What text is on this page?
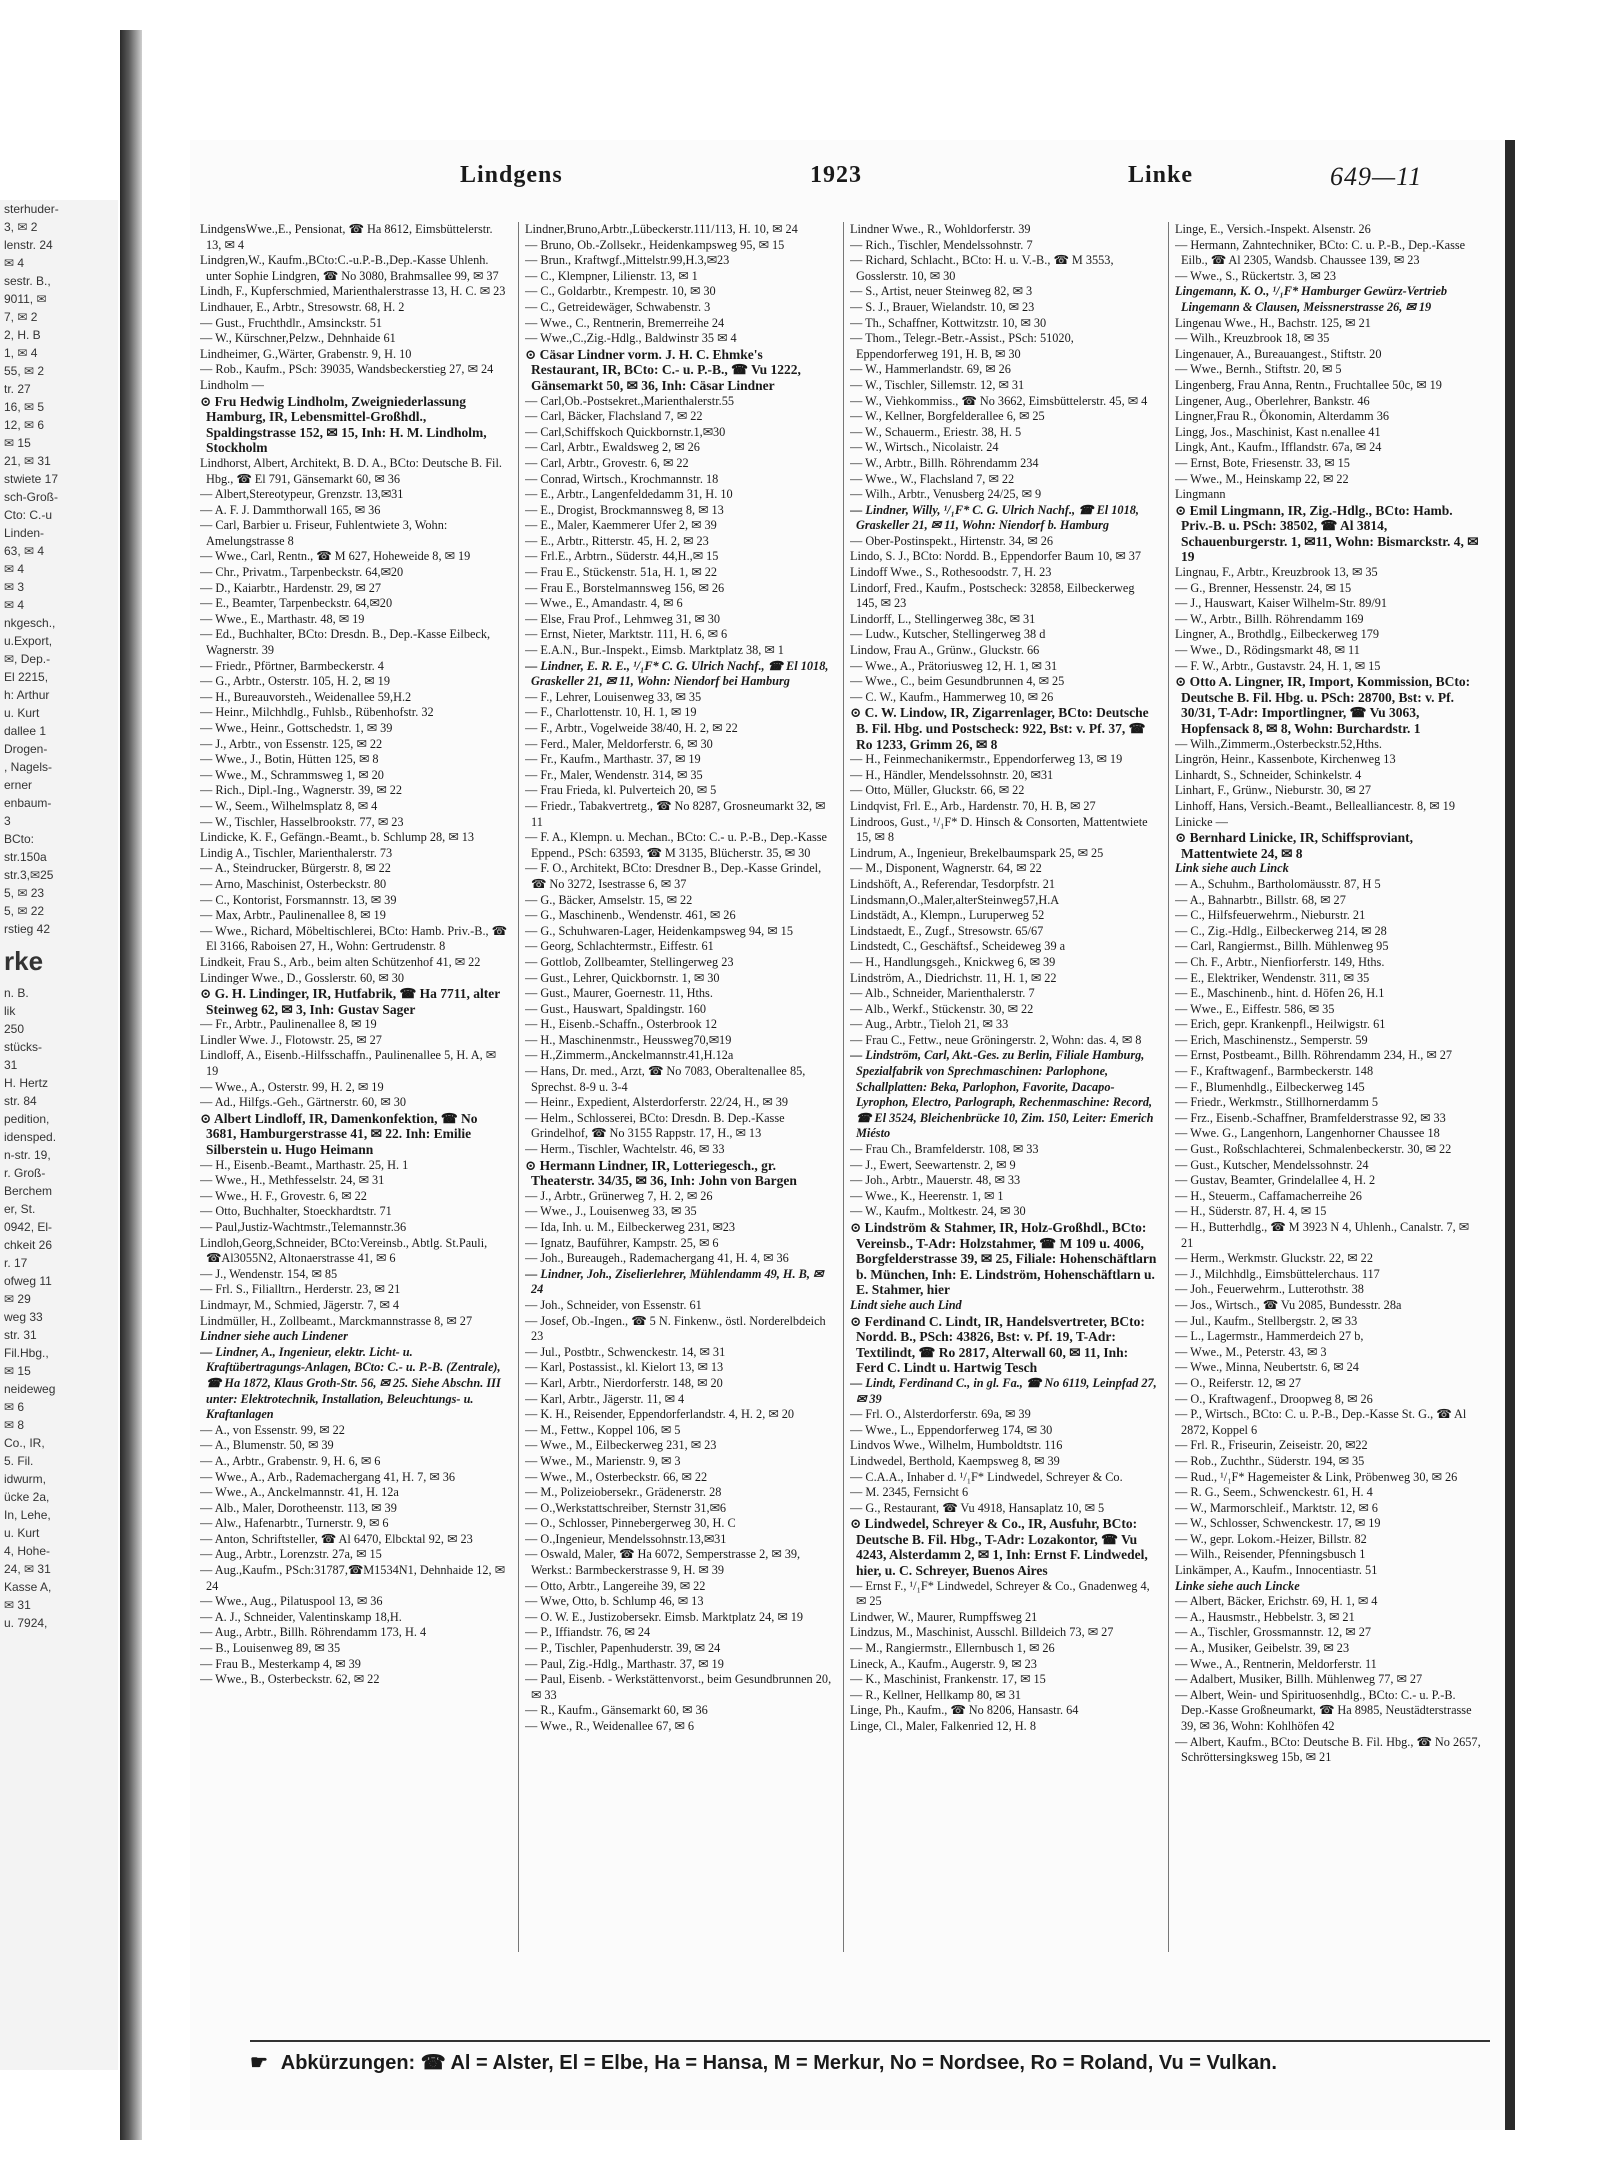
sterhuder-
3, ✉ 2
lenstr. 24
✉ 4
sestr. B.,
9011, ✉
7, ✉ 2
2, H. B
1, ✉ 4
55, ✉ 2
tr. 27
16, ✉ 5
12, ✉ 6
✉ 15
21, ✉ 31
stwiete 17
sch-Groß-
Cto: C.-u
Linden-
63, ✉ 4
✉ 4
✉ 3
✉ 4
nkgesch.,
u.Export,
✉, Dep.-
El 2215,
h: Arthur
u. Kurt
dallee 1
Drogen-
, Nagels-
erner
enbaum-
3
BCto:
str.150a
str.3,✉25
5, ✉ 23
5, ✉ 22
rstieg 42
rke
n. B.
lik
250
stücks-
31
H. Hertz
str. 84
pedition,
idensped.
n-str. 19,
r. Groß-
Berchem
er, St.
0942, El-
chkeit 26
r. 17
ofweg 11
✉ 29
weg 33
str. 31
Fil.Hbg.,
✉ 15
neideweg
✉ 6
✉ 8
Co., IR,
5. Fil.
idwurm,
ücke 2a,
In, Lehe,
u. Kurt
4, Hohe-
24, ✉ 31
Kasse A,
✉ 31
u. 7924,
Lindgens	1923	Linke	649—11

LindgensWwe.,E., Pensionat, ☎ Ha 8612, Eimsbüttelerstr. 13, ✉ 4

Lindgren,W., Kaufm.,BCto:C.-u.P.-B.,Dep.-Kasse Uhlenh. unter Sophie Lindgren, ☎ No 3080, Brahmsallee 99, ✉ 37

Lindh, F., Kupferschmied, Marienthalerstrasse 13, H. C. ✉ 23

Lindhauer, E., Arbtr., Stresowstr. 68, H. 2

— Gust., Fruchthdlr., Amsinckstr. 51

— W., Kürschner,Pelzw., Dehnhaide 61

Lindheimer, G.,Wärter, Grabenstr. 9, H. 10

— Rob., Kaufm., PSch: 39035, Wandsbeckerstieg 27, ✉ 24

Lindholm —

⊙ Fru Hedwig Lindholm, Zweigniederlassung Hamburg, IR, Lebensmittel-Großhdl., Spaldingstrasse 152, ✉ 15, Inh: H. M. Lindholm, Stockholm

Lindhorst, Albert, Architekt, B. D. A., BCto: Deutsche B. Fil. Hbg., ☎ El 791, Gänsemarkt 60, ✉ 36

— Albert,Stereotypeur, Grenzstr. 13,✉31

— A. F. J. Dammthorwall 165, ✉ 36

— Carl, Barbier u. Friseur, Fuhlentwiete 3, Wohn: Amelungstrasse 8

— Wwe., Carl, Rentn., ☎ M 627, Hoheweide 8, ✉ 19

— Chr., Privatm., Tarpenbeckstr. 64,✉20

— D., Kaiarbtr., Hardenstr. 29, ✉ 27

— E., Beamter, Tarpenbeckstr. 64,✉20

— Wwe., E., Marthastr. 48, ✉ 19

— Ed., Buchhalter, BCto: Dresdn. B., Dep.-Kasse Eilbeck, Wagnerstr. 39

— Friedr., Pförtner, Barmbeckerstr. 4

— G., Arbtr., Osterstr. 105, H. 2, ✉ 19

— H., Bureauvorsteh., Weidenallee 59,H.2

— Heinr., Milchhdlg., Fuhlsb., Rübenhofstr. 32

— Wwe., Heinr., Gottschedstr. 1, ✉ 39

— J., Arbtr., von Essenstr. 125, ✉ 22

— Wwe., J., Botin, Hütten 125, ✉ 8

— Wwe., M., Schrammsweg 1, ✉ 20

— Rich., Dipl.-Ing., Wagnerstr. 39, ✉ 22

— W., Seem., Wilhelmsplatz 8, ✉ 4

— W., Tischler, Hasselbrookstr. 77, ✉ 23

Lindicke, K. F., Gefängn.-Beamt., b. Schlump 28, ✉ 13

Lindig A., Tischler, Marienthalerstr. 73

— A., Steindrucker, Bürgerstr. 8, ✉ 22

— Arno, Maschinist, Osterbeckstr. 80

— C., Kontorist, Forsmannstr. 13, ✉ 39

— Max, Arbtr., Paulinenallee 8, ✉ 19

— Wwe., Richard, Möbeltischlerei, BCto: Hamb. Priv.-B., ☎ El 3166, Raboisen 27, H., Wohn: Gertrudenstr. 8

Lindkeit, Frau S., Arb., beim alten Schützenhof 41, ✉ 22

Lindinger Wwe., D., Gosslerstr. 60, ✉ 30

⊙ G. H. Lindinger, IR, Hutfabrik, ☎ Ha 7711, alter Steinweg 62, ✉ 3, Inh: Gustav Sager

— Fr., Arbtr., Paulinenallee 8, ✉ 19

Lindler Wwe. J., Flotowstr. 25, ✉ 27

Lindloff, A., Eisenb.-Hilfsschaffn., Paulinenallee 5, H. A, ✉ 19

— Wwe., A., Osterstr. 99, H. 2, ✉ 19

— Ad., Hilfgs.-Geh., Gärtnerstr. 60, ✉ 30

⊙ Albert Lindloff, IR, Damenkonfektion, ☎ No 3681, Hamburgerstrasse 41, ✉ 22. Inh: Emilie Silberstein u. Hugo Heimann

— H., Eisenb.-Beamt., Marthastr. 25, H. 1

— Wwe., H., Methfesselstr. 24, ✉ 31

— Wwe., H. F., Grovestr. 6, ✉ 22

— Otto, Buchhalter, Stoeckhardtstr. 71

— Paul,Justiz-Wachtmstr.,Telemannstr.36

Lindloh,Georg,Schneider, BCto:Vereinsb., Abtlg. St.Pauli, ☎Al3055N2, Altonaerstrasse 41, ✉ 6

— J., Wendenstr. 154, ✉ 85

— Frl. S., Filialltrn., Herderstr. 23, ✉ 21

Lindmayr, M., Schmied, Jägerstr. 7, ✉ 4

Lindmüller, H., Zollbeamt., Marckmannstrasse 8, ✉ 27

Lindner siehe auch Lindener

— Lindner, A., Ingenieur, elektr. Licht- u. Kraftübertragungs-Anlagen, BCto: C.- u. P.-B. (Zentrale), ☎ Ha 1872, Klaus Groth-Str. 56, ✉ 25. Siehe Abschn. III unter: Elektrotechnik, Installation, Beleuchtungs- u. Kraftanlagen

— A., von Essenstr. 99, ✉ 22

— A., Blumenstr. 50, ✉ 39

— A., Arbtr., Grabenstr. 9, H. 6, ✉ 6

— Wwe., A., Arb., Rademachergang 41, H. 7, ✉ 36

— Wwe., A., Anckelmannstr. 41, H. 12a

— Alb., Maler, Dorotheenstr. 113, ✉ 39

— Alw., Hafenarbtr., Turnerstr. 9, ✉ 6

— Anton, Schriftsteller, ☎ Al 6470, Elbcktal 92, ✉ 23

— Aug., Arbtr., Lorenzstr. 27a, ✉ 15

— Aug.,Kaufm., PSch:31787,☎M1534N1, Dehnhaide 12, ✉ 24

— Wwe., Aug., Pilatuspool 13, ✉ 36

— A. J., Schneider, Valentinskamp 18,H.

— Aug., Arbtr., Billh. Röhrendamm 173, H. 4

— B., Louisenweg 89, ✉ 35

— Frau B., Mesterkamp 4, ✉ 39

— Wwe., B., Osterbeckstr. 62, ✉ 22

Lindner,Bruno,Arbtr.,Lübeckerstr.111/113, H. 10, ✉ 24

— Bruno, Ob.-Zollsekr., Heidenkampsweg 95, ✉ 15

— Brun., Kraftwgf.,Mittelstr.99,H.3,✉23

— C., Klempner, Lilienstr. 13, ✉ 1

— C., Goldarbtr., Krempestr. 10, ✉ 30

— C., Getreidewäger, Schwabenstr. 3

— Wwe., C., Rentnerin, Bremerreihe 24

— Wwe.,C.,Zig.-Hdlg., Baldwinstr 35 ✉ 4

⊙ Cäsar Lindner vorm. J. H. C. Ehmke's Restaurant, IR, BCto: C.- u. P.-B., ☎ Vu 1222, Gänsemarkt 50, ✉ 36, Inh: Cäsar Lindner

— Carl,Ob.-Postsekret.,Marienthalerstr.55

— Carl, Bäcker, Flachsland 7, ✉ 22

— Carl,Schiffskoch Quickbornstr.1,✉30

— Carl, Arbtr., Ewaldsweg 2, ✉ 26

— Carl, Arbtr., Grovestr. 6, ✉ 22

— Conrad, Wirtsch., Krochmannstr. 18

— E., Arbtr., Langenfeldedamm 31, H. 10

— E., Drogist, Brockmannsweg 8, ✉ 13

— E., Maler, Kaemmerer Ufer 2, ✉ 39

— E., Arbtr., Ritterstr. 45, H. 2, ✉ 23

— Frl.E., Arbtrn., Süderstr. 44,H.,✉ 15

— Frau E., Stückenstr. 51a, H. 1, ✉ 22

— Frau E., Borstelmannsweg 156, ✉ 26

— Wwe., E., Amandastr. 4, ✉ 6

— Else, Frau Prof., Lehmweg 31, ✉ 30

— Ernst, Nieter, Marktstr. 111, H. 6, ✉ 6

— E.A.N., Bur.-Inspekt., Eimsb. Marktplatz 38, ✉ 1

— Lindner, E. R. E., ¹/₁F* C. G. Ulrich Nachf., ☎ El 1018, Graskeller 21, ✉ 11, Wohn: Niendorf bei Hamburg

— F., Lehrer, Louisenweg 33, ✉ 35

— F., Charlottenstr. 10, H. 1, ✉ 19

— F., Arbtr., Vogelweide 38/40, H. 2, ✉ 22

— Ferd., Maler, Meldorferstr. 6, ✉ 30

— Fr., Kaufm., Marthastr. 37, ✉ 19

— Fr., Maler, Wendenstr. 314, ✉ 35

— Frau Frieda, kl. Pulverteich 20, ✉ 5

— Friedr., Tabakvertretg., ☎ No 8287, Grosneumarkt 32, ✉ 11

— F. A., Klempn. u. Mechan., BCto: C.- u. P.-B., Dep.-Kasse Eppend., PSch: 63593, ☎ M 3135, Blücherstr. 35, ✉ 30

— F. O., Architekt, BCto: Dresdner B., Dep.-Kasse Grindel, ☎ No 3272, Isestrasse 6, ✉ 37

— G., Bäcker, Amselstr. 15, ✉ 22

— G., Maschinenb., Wendenstr. 461, ✉ 26

— G., Schuhwaren-Lager, Heidenkampsweg 94, ✉ 15

— Georg, Schlachtermstr., Eiffestr. 61

— Gottlob, Zollbeamter, Stellingerweg 23

— Gust., Lehrer, Quickbornstr. 1, ✉ 30

— Gust., Maurer, Goernestr. 11, Hths.

— Gust., Hauswart, Spaldingstr. 160

— H., Eisenb.-Schaffn., Osterbrook 12

— H., Maschinenmstr., Heussweg70,✉19

— H.,Zimmerm.,Anckelmannstr.41,H.12a

— Hans, Dr. med., Arzt, ☎ No 7083, Oberaltenallee 85, Sprechst. 8-9 u. 3-4

— Heinr., Expedient, Alsterdorferstr. 22/24, H., ✉ 39

— Helm., Schlosserei, BCto: Dresdn. B. Dep.-Kasse Grindelhof, ☎ No 3155 Rappstr. 17, H., ✉ 13

— Herm., Tischler, Wachtelstr. 46, ✉ 33

⊙ Hermann Lindner, IR, Lotteriegesch., gr. Theaterstr. 34/35, ✉ 36, Inh: John von Bargen

— J., Arbtr., Grünerweg 7, H. 2, ✉ 26

— Wwe., J., Louisenweg 33, ✉ 35

— Ida, Inh. u. M., Eilbeckerweg 231, ✉23

— Ignatz, Bauführer, Kampstr. 25, ✉ 6

— Joh., Bureaugeh., Rademachergang 41, H. 4, ✉ 36

— Lindner, Joh., Ziselierlehrer, Mühlendamm 49, H. B, ✉ 24

— Joh., Schneider, von Essenstr. 61

— Josef, Ob.-Ingen., ☎ 5 N. Finkenw., östl. Norderelbdeich 23

— Jul., Postbtr., Schwenckestr. 14, ✉ 31

— Karl, Postassist., kl. Kielort 13, ✉ 13

— Karl, Arbtr., Nierdorferstr. 148, ✉ 20

— Karl, Arbtr., Jägerstr. 11, ✉ 4

— K. H., Reisender, Eppendorferlandstr. 4, H. 2, ✉ 20

— M., Fettw., Koppel 106, ✉ 5

— Wwe., M., Eilbeckerweg 231, ✉ 23

— Wwe., M., Marienstr. 9, ✉ 3

— Wwe., M., Osterbeckstr. 66, ✉ 22

— M., Polizeiobersekr., Grädenerstr. 28

— O.,Werkstattschreiber, Sternstr 31,✉6

— O., Schlosser, Pinnebergerweg 30, H. C

— O.,Ingenieur, Mendelssohnstr.13,✉31

— Oswald, Maler, ☎ Ha 6072, Semperstrasse 2, ✉ 39, Werkst.: Barmbeckerstrasse 9, H. ✉ 39

— Otto, Arbtr., Langereihe 39, ✉ 22

— Wwe, Otto, b. Schlump 46, ✉ 13

— O. W. E., Justizobersekr. Eimsb. Marktplatz 24, ✉ 19

— P., Iffiandstr. 76, ✉ 24

— P., Tischler, Papenhuderstr. 39, ✉ 24

— Paul, Zig.-Hdlg., Marthastr. 37, ✉ 19

— Paul, Eisenb. - Werkstättenvorst., beim Gesundbrunnen 20, ✉ 33

— R., Kaufm., Gänsemarkt 60, ✉ 36

— Wwe., R., Weidenallee 67, ✉ 6

Lindner Wwe., R., Wohldorferstr. 39

— Rich., Tischler, Mendelssohnstr. 7

— Richard, Schlacht., BCto: H. u. V.-B., ☎ M 3553, Gosslerstr. 10, ✉ 30

— S., Artist, neuer Steinweg 82, ✉ 3

— S. J., Brauer, Wielandstr. 10, ✉ 23

— Th., Schaffner, Kottwitzstr. 10, ✉ 30

— Thom., Telegr.-Betr.-Assist., PSch: 51020, Eppendorferweg 191, H. B, ✉ 30

— W., Hammerlandstr. 69, ✉ 26

— W., Tischler, Sillemstr. 12, ✉ 31

— W., Viehkommiss., ☎ No 3662, Eimsbüttelerstr. 45, ✉ 4

— W., Kellner, Borgfelderallee 6, ✉ 25

— W., Schauerm., Eriestr. 38, H. 5

— W., Wirtsch., Nicolaistr. 24

— W., Arbtr., Billh. Röhrendamm 234

— Wwe., W., Flachsland 7, ✉ 22

— Wilh., Arbtr., Venusberg 24/25, ✉ 9

— Lindner, Willy, ¹/₁F* C. G. Ulrich Nachf., ☎ El 1018, Graskeller 21, ✉ 11, Wohn: Niendorf b. Hamburg

— Ober-Postinspekt., Hirtenstr. 34, ✉ 26

Lindo, S. J., BCto: Nordd. B., Eppendorfer Baum 10, ✉ 37

Lindoff Wwe., S., Rothesoodstr. 7, H. 23

Lindorf, Fred., Kaufm., Postscheck: 32858, Eilbeckerweg 145, ✉ 23

Lindorff, L., Stellingerweg 38c, ✉ 31

— Ludw., Kutscher, Stellingerweg 38 d

Lindow, Frau A., Grünw., Gluckstr. 66

— Wwe., A., Prätoriusweg 12, H. 1, ✉ 31

— Wwe., C., beim Gesundbrunnen 4, ✉ 25

— C. W., Kaufm., Hammerweg 10, ✉ 26

⊙ C. W. Lindow, IR, Zigarrenlager, BCto: Deutsche B. Fil. Hbg. und Postscheck: 922, Bst: v. Pf. 37, ☎ Ro 1233, Grimm 26, ✉ 8

— H., Feinmechanikermstr., Eppendorferweg 13, ✉ 19

— H., Händler, Mendelssohnstr. 20, ✉31

— Otto, Müller, Gluckstr. 66, ✉ 22

Lindqvist, Frl. E., Arb., Hardenstr. 70, H. B, ✉ 27

Lindroos, Gust., ¹/₁F* D. Hinsch & Consorten, Mattentwiete 15, ✉ 8

Lindrum, A., Ingenieur, Brekelbaumspark 25, ✉ 25

— M., Disponent, Wagnerstr. 64, ✉ 22

Lindshöft, A., Referendar, Tesdorpfstr. 21

Lindsmann,O.,Maler,alterSteinweg57,H.A

Lindstädt, A., Klempn., Luruperweg 52

Lindstaedt, E., Zugf., Stresowstr. 65/67

Lindstedt, C., Geschäftsf., Scheideweg 39 a

— H., Handlungsgeh., Knickweg 6, ✉ 39

Lindström, A., Diedrichstr. 11, H. 1, ✉ 22

— Alb., Schneider, Marienthalerstr. 7

— Alb., Werkf., Stückenstr. 30, ✉ 22

— Aug., Arbtr., Tieloh 21, ✉ 33

— Frau C., Fettw., neue Gröningerstr. 2, Wohn: das. 4, ✉ 8

— Lindström, Carl, Akt.-Ges. zu Berlin, Filiale Hamburg, Spezialfabrik von Sprechmaschinen: Parlophone, Schallplatten: Beka, Parlophon, Favorite, Dacapo-Lyrophon, Electro, Parlograph, Rechenmaschine: Record, ☎ El 3524, Bleichenbrücke 10, Zim. 150, Leiter: Emerich Miésto

— Frau Ch., Bramfelderstr. 108, ✉ 33

— J., Ewert, Seewartenstr. 2, ✉ 9

— Joh., Arbtr., Mauerstr. 48, ✉ 33

— Wwe., K., Heerenstr. 1, ✉ 1

— W., Kaufm., Moltkestr. 24, ✉ 30

⊙ Lindström & Stahmer, IR, Holz-Großhdl., BCto: Vereinsb., T-Adr: Holzstahmer, ☎ M 109 u. 4006, Borgfelderstrasse 39, ✉ 25, Filiale: Hohenschäftlarn b. München, Inh: E. Lindström, Hohenschäftlarn u. E. Stahmer, hier

Lindt siehe auch Lind

⊙ Ferdinand C. Lindt, IR, Handelsvertreter, BCto: Nordd. B., PSch: 43826, Bst: v. Pf. 19, T-Adr: Textilindt, ☎ Ro 2817, Alterwall 60, ✉ 11, Inh: Ferd C. Lindt u. Hartwig Tesch

— Lindt, Ferdinand C., in gl. Fa., ☎ No 6119, Leinpfad 27, ✉ 39

— Frl. O., Alsterdorferstr. 69a, ✉ 39

— Wwe., L., Eppendorferweg 174, ✉ 30

Lindvos Wwe., Wilhelm, Humboldtstr. 116

Lindwedel, Berthold, Kaempsweg 8, ✉ 39

— C.A.A., Inhaber d. ¹/₁F* Lindwedel, Schreyer & Co.

— M. 2345, Fernsicht 6

— G., Restaurant, ☎ Vu 4918, Hansaplatz 10, ✉ 5

⊙ Lindwedel, Schreyer & Co., IR, Ausfuhr, BCto: Deutsche B. Fil. Hbg., T-Adr: Lozakontor, ☎ Vu 4243, Alsterdamm 2, ✉ 1, Inh: Ernst F. Lindwedel, hier, u. C. Schreyer, Buenos Aires

— Ernst F., ¹/₁F* Lindwedel, Schreyer & Co., Gnadenweg 4, ✉ 25

Lindwer, W., Maurer, Rumpffsweg 21

Lindzus, M., Maschinist, Ausschl. Billdeich 73, ✉ 27

— M., Rangiermstr., Ellernbusch 1, ✉ 26

Lineck, A., Kaufm., Augerstr. 9, ✉ 23

— K., Maschinist, Frankenstr. 17, ✉ 15

— R., Kellner, Hellkamp 80, ✉ 31

Linge, Ph., Kaufm., ☎ No 8206, Hansastr. 64

Linge, Cl., Maler, Falkenried 12, H. 8

Linge, E., Versich.-Inspekt. Alsenstr. 26

— Hermann, Zahntechniker, BCto: C. u. P.-B., Dep.-Kasse Eilb., ☎ Al 2305, Wandsb. Chaussee 139, ✉ 23

— Wwe., S., Rückertstr. 3, ✉ 23

Lingemann, K. O., ¹/₁F* Hamburger Gewürz-Vertrieb Lingemann & Clausen, Meissnerstrasse 26, ✉ 19

Lingenau Wwe., H., Bachstr. 125, ✉ 21

— Wilh., Kreuzbrook 18, ✉ 35

Lingenauer, A., Bureauangest., Stiftstr. 20

— Wwe., Bernh., Stiftstr. 20, ✉ 5

Lingenberg, Frau Anna, Rentn., Fruchtallee 50c, ✉ 19

Lingener, Aug., Oberlehrer, Bankstr. 46

Lingner,Frau R., Ökonomin, Alterdamm 36

Lingg, Jos., Maschinist, Kast n.enallee 41

Lingk, Ant., Kaufm., Ifflandstr. 67a, ✉ 24

— Ernst, Bote, Friesenstr. 33, ✉ 15

— Wwe., M., Heinskamp 22, ✉ 22

Lingmann

⊙ Emil Lingmann, IR, Zig.-Hdlg., BCto: Hamb. Priv.-B. u. PSch: 38502, ☎ Al 3814, Schauenburgerstr. 1, ✉11, Wohn: Bismarckstr. 4, ✉ 19

Lingnau, F., Arbtr., Kreuzbrook 13, ✉ 35

— G., Brenner, Hessenstr. 24, ✉ 15

— J., Hauswart, Kaiser Wilhelm-Str. 89/91

— W., Arbtr., Billh. Röhrendamm 169

Lingner, A., Brothdlg., Eilbeckerweg 179

— Wwe., D., Rödingsmarkt 48, ✉ 11

— F. W., Arbtr., Gustavstr. 24, H. 1, ✉ 15

⊙ Otto A. Lingner, IR, Import, Kommission, BCto: Deutsche B. Fil. Hbg. u. PSch: 28700, Bst: v. Pf. 30/31, T-Adr: Importlingner, ☎ Vu 3063, Hopfensack 8, ✉ 8, Wohn: Burchardstr. 1

— Wilh.,Zimmerm.,Osterbeckstr.52,Hths.

Lingrön, Heinr., Kassenbote, Kirchenweg 13

Linhardt, S., Schneider, Schinkelstr. 4

Linhart, F., Grünw., Nieburstr. 30, ✉ 27

Linhoff, Hans, Versich.-Beamt., Bellealliancestr. 8, ✉ 19

Linicke —

⊙ Bernhard Linicke, IR, Schiffsproviant, Mattentwiete 24, ✉ 8

Link siehe auch Linck

— A., Schuhm., Bartholomäusstr. 87, H 5

— A., Bahnarbtr., Billstr. 68, ✉ 27

— C., Hilfsfeuerwehrm., Nieburstr. 21

— C., Zig.-Hdlg., Eilbeckerweg 214, ✉ 28

— Carl, Rangiermst., Billh. Mühlenweg 95

— Ch. F., Arbtr., Nienfiorferstr. 149, Hths.

— E., Elektriker, Wendenstr. 311, ✉ 35

— E., Maschinenb., hint. d. Höfen 26, H.1

— Wwe., E., Eiffestr. 586, ✉ 35

— Erich, gepr. Krankenpfl., Heilwigstr. 61

— Erich, Maschinenstz., Semperstr. 59

— Ernst, Postbeamt., Billh. Röhrendamm 234, H., ✉ 27

— F., Kraftwagenf., Barmbeckerstr. 148

— F., Blumenhdlg., Eilbeckerweg 145

— Friedr., Werkmstr., Stillhornerdamm 5

— Frz., Eisenb.-Schaffner, Bramfelderstrasse 92, ✉ 33

— Wwe. G., Langenhorn, Langenhorner Chaussee 18

— Gust., Roßschlachterei, Schmalenbeckerstr. 30, ✉ 22

— Gust., Kutscher, Mendelssohnstr. 24

— Gustav, Beamter, Grindelallee 4, H. 2

— H., Steuerm., Caffamacherreihe 26

— H., Süderstr. 87, H. 4, ✉ 15

— H., Butterhdlg., ☎ M 3923 N 4, Uhlenh., Canalstr. 7, ✉ 21

— Herm., Werkmstr. Gluckstr. 22, ✉ 22

— J., Milchhdlg., Eimsbüttelerchaus. 117

— Joh., Feuerwehrm., Lutterothstr. 38

— Jos., Wirtsch., ☎ Vu 2085, Bundesstr. 28a

— Jul., Kaufm., Stellbergstr. 2, ✉ 33

— L., Lagermstr., Hammerdeich 27 b,

— Wwe., M., Peterstr. 43, ✉ 3

— Wwe., Minna, Neubertstr. 6, ✉ 24

— O., Reiferstr. 12, ✉ 27

— O., Kraftwagenf., Droopweg 8, ✉ 26

— P., Wirtsch., BCto: C. u. P.-B., Dep.-Kasse St. G., ☎ Al 2872, Koppel 6

— Frl. R., Friseurin, Zeiseistr. 20, ✉22

— Rob., Zuchthr., Süderstr. 194, ✉ 35

— Rud., ¹/₁F* Hagemeister & Link, Pröbenweg 30, ✉ 26

— R. G., Seem., Schwenckestr. 61, H. 4

— W., Marmorschleif., Marktstr. 12, ✉ 6

— W., Schlosser, Schwenckestr. 17, ✉ 19

— W., gepr. Lokom.-Heizer, Billstr. 82

— Wilh., Reisender, Pfenningsbusch 1

Linkämper, A., Kaufm., Innocentiastr. 51

Linke siehe auch Lincke

— Albert, Bäcker, Erichstr. 69, H. 1, ✉ 4

— A., Hausmstr., Hebbelstr. 3, ✉ 21

— A., Tischler, Grossmannstr. 12, ✉ 27

— A., Musiker, Geibelstr. 39, ✉ 23

— Wwe., A., Rentnerin, Meldorferstr. 11

— Adalbert, Musiker, Billh. Mühlenweg 77, ✉ 27

— Albert, Wein- und Spirituosenhdlg., BCto: C.- u. P.-B. Dep.-Kasse Großneumarkt, ☎ Ha 8985, Neustädterstrasse 39, ✉ 36, Wohn: Kohlhöfen 42

— Albert, Kaufm., BCto: Deutsche B. Fil. Hbg., ☎ No 2657, Schröttersingksweg 15b, ✉ 21

☛ Abkürzungen: ☎ Al = Alster, El = Elbe, Ha = Hansa, M = Merkur, No = Nordsee, Ro = Roland, Vu = Vulkan.
